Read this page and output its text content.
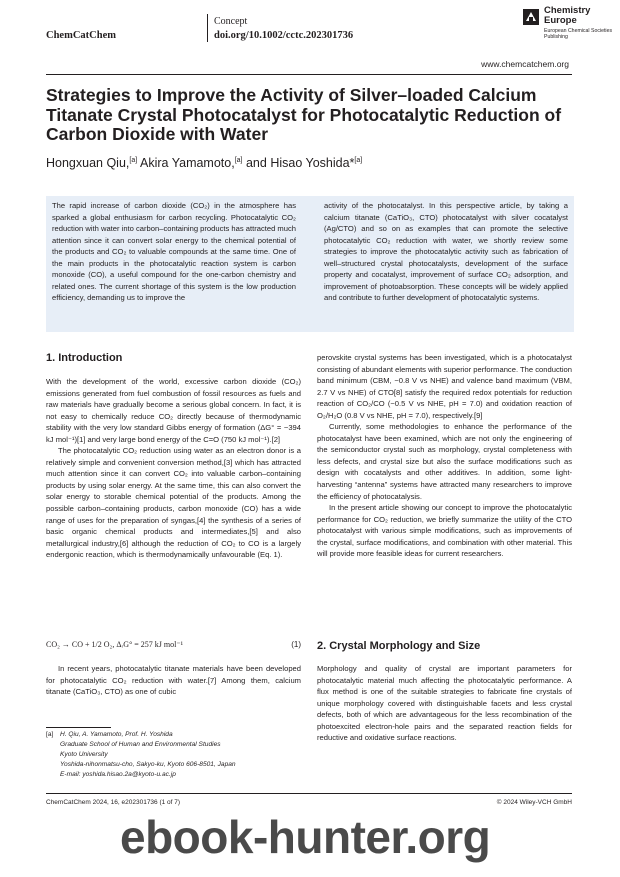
ChemCatChem
Concept
doi.org/10.1002/cctc.202301736
Chemistry Europe
European Chemical Societies Publishing
www.chemcatchem.org
Strategies to Improve the Activity of Silver–loaded Calcium Titanate Crystal Photocatalyst for Photocatalytic Reduction of Carbon Dioxide with Water
Hongxuan Qiu,[a] Akira Yamamoto,[a] and Hisao Yoshida*[a]
The rapid increase of carbon dioxide (CO₂) in the atmosphere has sparked a global enthusiasm for carbon recycling. Photocatalytic CO₂ reduction with water into carbon–containing products has attracted much attention since it can convert solar energy to the chemical potential of the products and CO₂ to valuable compounds at the same time. One of the main products in the photocatalytic reaction system is carbon monoxide (CO), a useful compound for the one-carbon chemistry and related ones. The current shortage of this system is the low production efficiency, demanding us to improve the
activity of the photocatalyst. In this perspective article, by taking a calcium titanate (CaTiO₃, CTO) photocatalyst with silver cocatalyst (Ag/CTO) and so on as examples that can promote the selective photocatalytic CO₂ reduction with water, we shortly review some strategies to improve the photocatalytic activity such as fabrication of well–structured crystal photocatalysts, development of the surface property and cocatalyst, improvement of surface CO₂ adsorption, and improvement of photoabsorption. These concepts will be widely applied and contribute to further development of photocatalytic systems.
1. Introduction

With the development of the world, excessive carbon dioxide (CO₂) emissions generated from fuel combustion of fossil resources as fuels and raw materials have gradually become a serious global concern. In fact, it is not easy to chemically reduce CO₂ directly because of thermodynamic stability with the very low standard Gibbs energy of formation (ΔG° = −394 kJ mol⁻¹)[1] and very large bond energy of the C=O (750 kJ mol⁻¹).[2]

The photocatalytic CO₂ reduction using water as an electron donor is a relatively simple and convenient conversion method,[3] which has attracted much attention since it can convert CO₂ into valuable carbon–containing products by using solar energy. At the same time, this can also convert the solar energy to storable chemical potential of the products. Among the possible carbon–containing products, carbon monoxide (CO) has a wide range of uses for the preparation of syngas,[4] the synthesis of a series of basic organic chemical products and intermediates,[5] and also metallurgical industry,[6] although the reduction of CO₂ to CO is a largely endergonic reaction, which is thermodynamically unfavourable (Eq. 1).

CO₂ → CO + 1/2 O₂, ΔᵣG° = 257 kJ mol⁻¹	(1)

In recent years, photocatalytic titanate materials have been developed for photocatalytic CO₂ reduction with water.[7] Among them, calcium titanate (CaTiO₃, CTO) as one of cubic

[a] H. Qiu, A. Yamamoto, Prof. H. Yoshida
Graduate School of Human and Environmental Studies
Kyoto University
Yoshida-nihonmatsu-cho, Sakyo-ku, Kyoto 606-8501, Japan
E-mail: yoshida.hisao.2a@kyoto-u.ac.jp

perovskite crystal systems has been investigated, which is a photocatalyst consisting of abundant elements with superior performance. The conduction band minimum (CBM, −0.8 V vs NHE) and valence band maximum (VBM, 2.7 V vs NHE) of CTO[8] satisfy the required redox potentials for reduction reaction of CO₂/CO (−0.5 V vs NHE, pH = 7.0) and oxidation reaction of O₂/H₂O (0.8 V vs NHE, pH = 7.0), respectively.[9]

Currently, some methodologies to enhance the performance of the photocatalyst have been examined, which are not only the engineering of the semiconductor crystal such as morphology, crystal completeness with less defects, and crystal size but also the surface modifications such as design with cocatalysts and other additives. In addition, some light-harvesting “antenna” systems have attracted many researchers to improve the efficiency of photocatalysis.

In the present article showing our concept to improve the photocatalytic performance for CO₂ reduction, we briefly summarize the utility of the CTO photocatalyst with various simple modifications, such as improvements of the crystal, surface modifications, and combination with other material. This will provide more feasible ideas for current researchers.

2. Crystal Morphology and Size

Morphology and quality of crystal are important parameters for photocatalytic material much affecting the photocatalytic performance. A flux method is one of the suitable strategies to fabricate fine crystals of unique morphology covered with distinguishable facets and less crystal defects, both of which are advantageous for the less recombination of the photoexcited electron-hole pairs and the separated reaction fields for reductive and oxidative surface reactions.

ChemCatChem 2024, 16, e202301736 (1 of 7)	© 2024 Wiley-VCH GmbH
ebook-hunter.org
